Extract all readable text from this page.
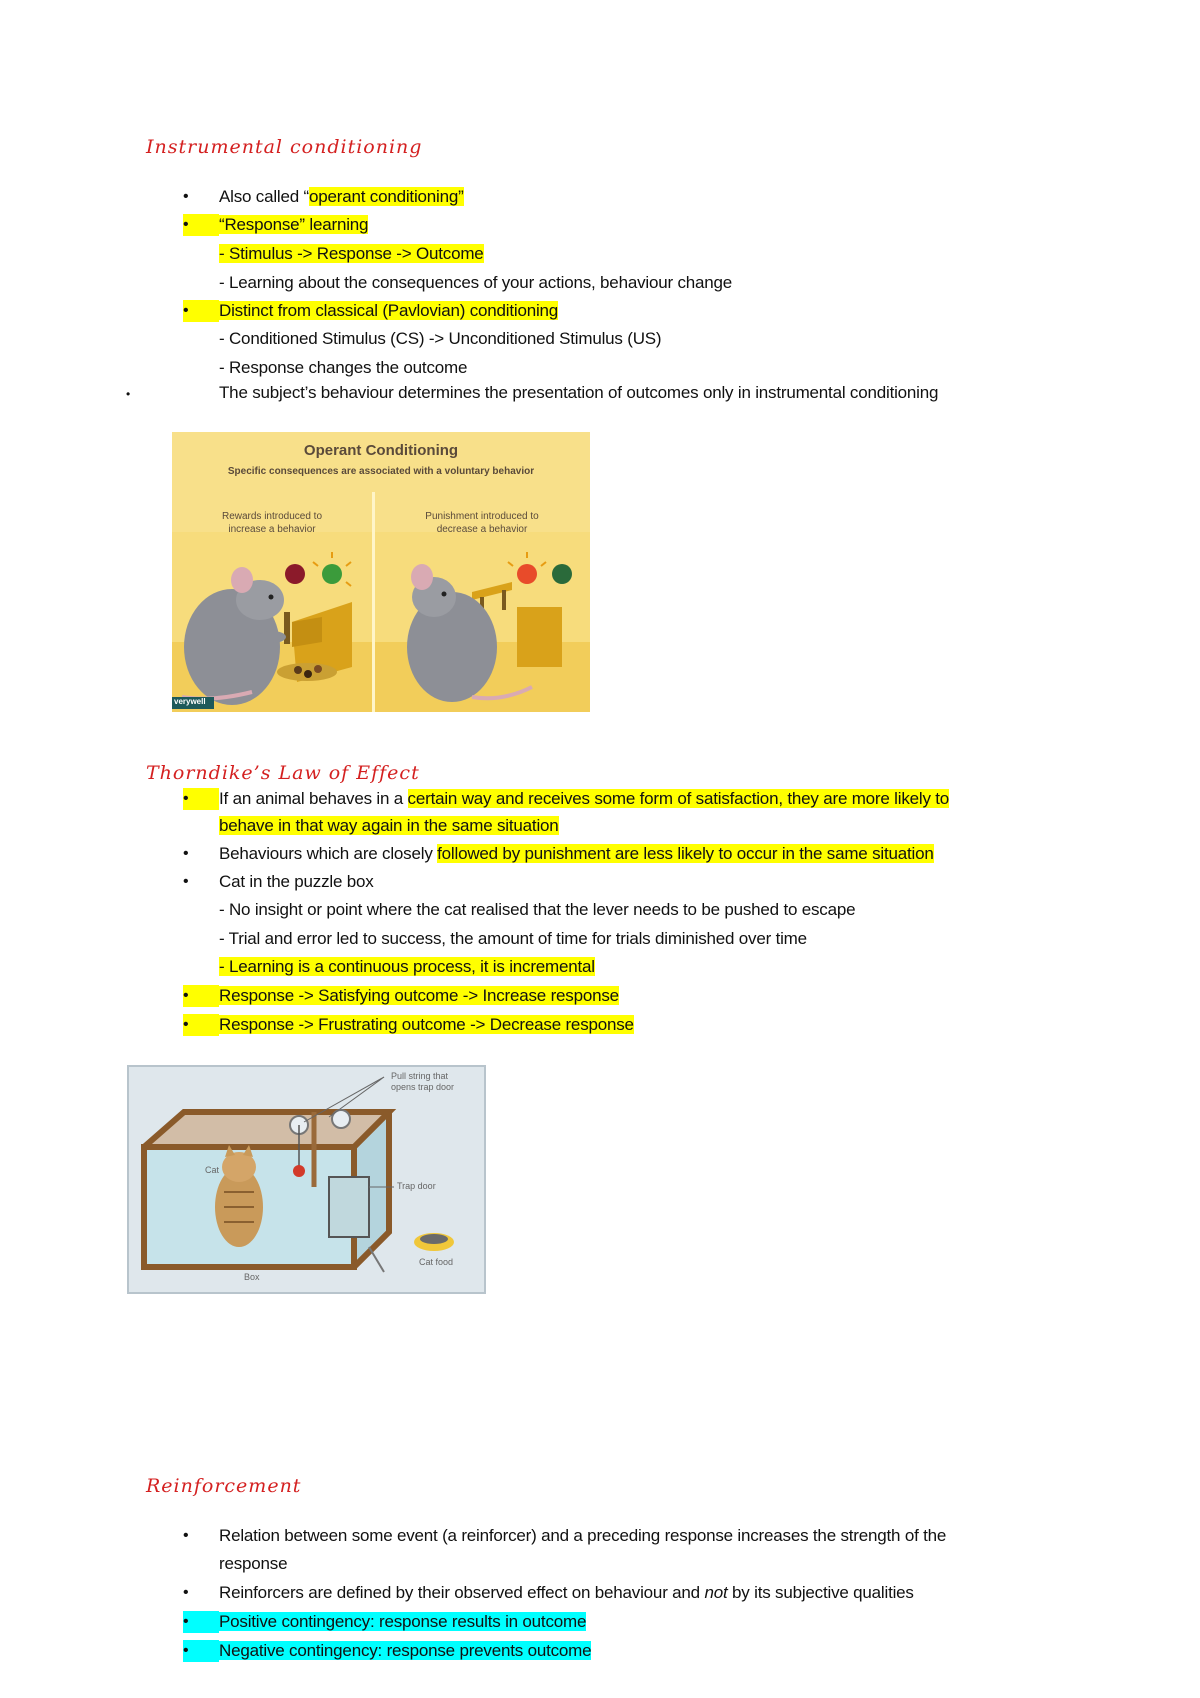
Instrumental conditioning
• Also called “operant conditioning”
•	“Response” learning
- Stimulus -> Response -> Outcome
- Learning about the consequences of your actions, behaviour change
•	Distinct from classical (Pavlovian) conditioning
- Conditioned Stimulus (CS) -> Unconditioned Stimulus (US)
- Response changes the outcome
•	The subject’s behaviour determines the presentation of outcomes only in instrumental conditioning
Operant Conditioning
Specific consequences are associated with a voluntary behavior
Rewards introduced to
increase a behavior
Punishment introduced to
decrease a behavior
verywell
Thorndike’s Law of Effect
•	If an animal behaves in a certain way and receives some form of satisfaction, they are more likely to
behave in that way again in the same situation
• Behaviours which are closely followed by punishment are less likely to occur in the same situation
• Cat in the puzzle box
- No insight or point where the cat realised that the lever needs to be pushed to escape
- Trial and error led to success, the amount of time for trials diminished over time
- Learning is a continuous process, it is incremental
•	Response -> Satisfying outcome -> Increase response
•	Response -> Frustrating outcome -> Decrease response
Pull string that
opens trap door
Cat
Trap door
Box
Cat food
Reinforcement
• Relation between some event (a reinforcer) and a preceding response increases the strength of the
response
• Reinforcers are defined by their observed effect on behaviour and not by its subjective qualities
•	Positive contingency: response results in outcome
•	Negative contingency: response prevents outcome
